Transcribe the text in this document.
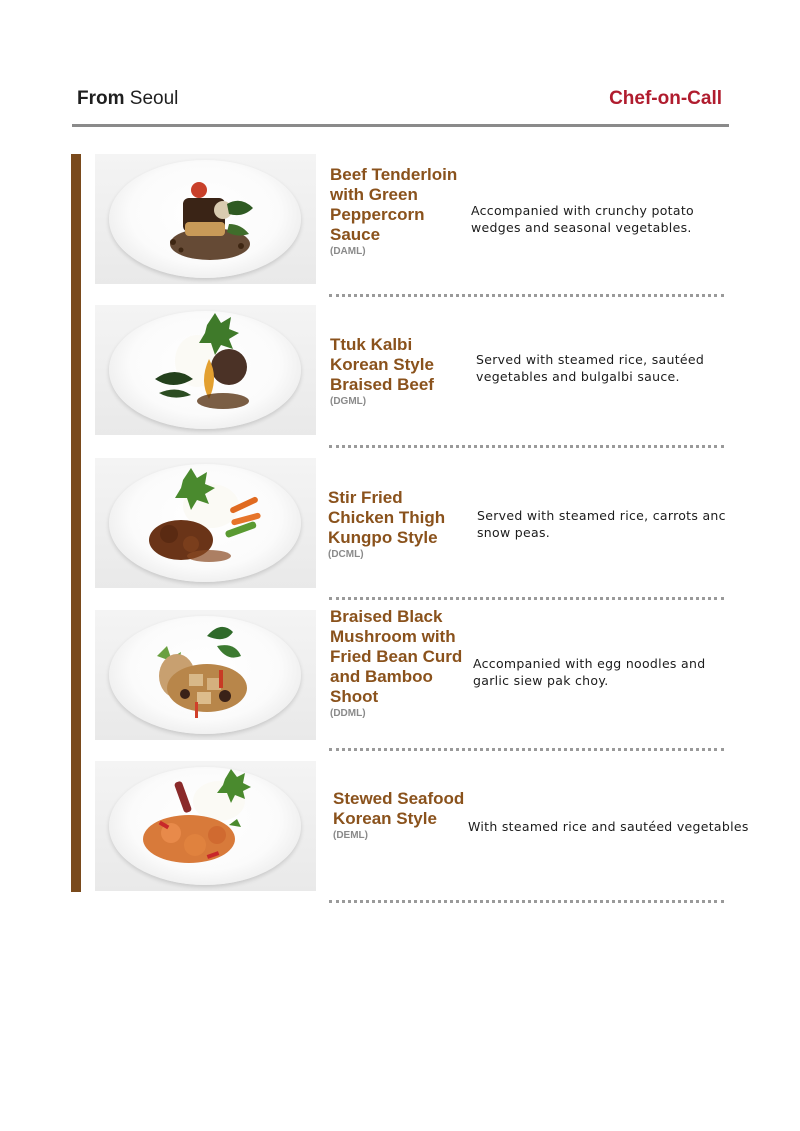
From Seoul	Chef-on-Call
Beef Tenderloin with Green Peppercorn Sauce
(DAML)
Accompanied with crunchy potato wedges and seasonal vegetables.
Ttuk Kalbi Korean Style Braised Beef
(DGML)
Served with steamed rice, sautéed vegetables and bulgalbi sauce.
Stir Fried Chicken Thigh Kungpo Style
(DCML)
Served with steamed rice, carrots anc snow peas.
Braised Black Mushroom with Fried Bean Curd and Bamboo Shoot
(DDML)
Accompanied with egg noodles and garlic siew pak choy.
Stewed Seafood Korean Style
(DEML)
With steamed rice and sautéed vegetables
